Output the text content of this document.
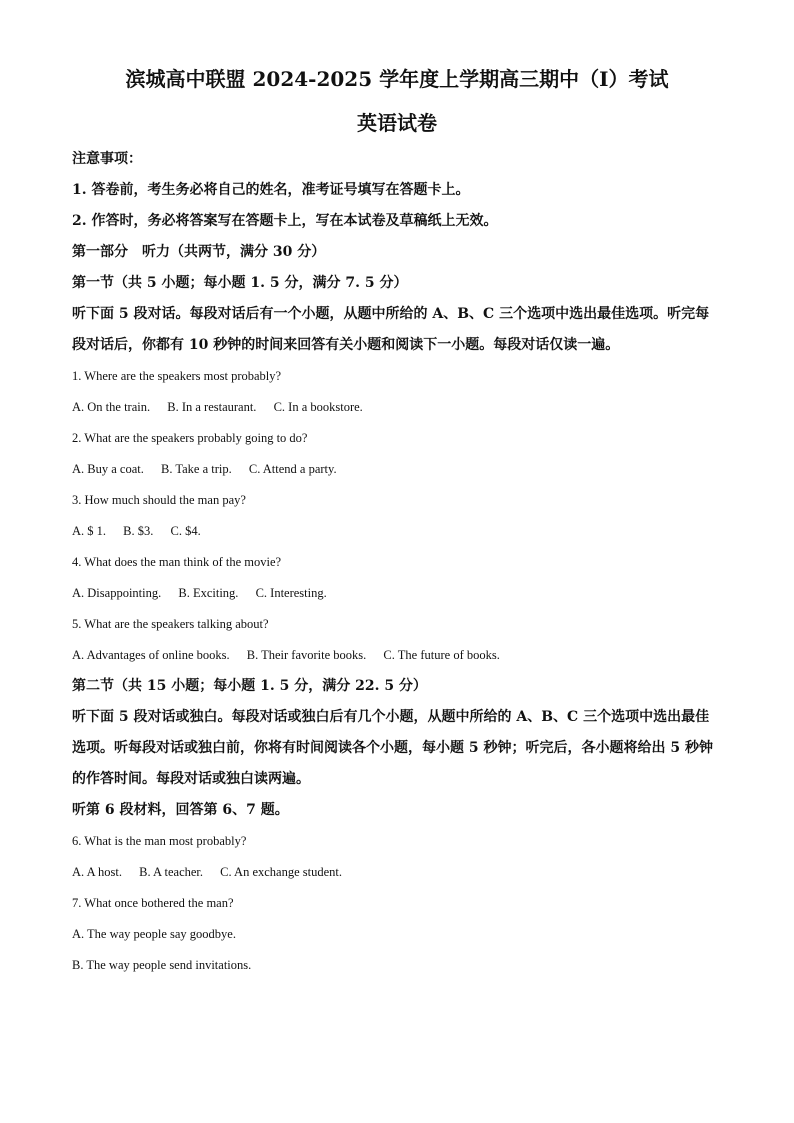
滨城高中联盟 2024-2025 学年度上学期高三期中（I）考试
英语试卷

注意事项：

1. 答卷前，考生务必将自己的姓名，准考证号填写在答题卡上。

2. 作答时，务必将答案写在答题卡上，写在本试卷及草稿纸上无效。

第一部分　听力（共两节，满分 30 分）

第一节（共 5 小题；每小题 1. 5 分，满分 7. 5 分）

听下面 5 段对话。每段对话后有一个小题，从题中所给的 A、B、C 三个选项中选出最佳选项。听完每段对话后，你都有 10 秒钟的时间来回答有关小题和阅读下一小题。每段对话仅读一遍。

1. Where are the speakers most probably?

A. On the train. B. In a restaurant. C. In a bookstore.

2. What are the speakers probably going to do?

A. Buy a coat. B. Take a trip. C. Attend a party.

3. How much should the man pay?

A. $ 1. B. $3. C. $4.

4. What does the man think of the movie?

A. Disappointing. B. Exciting. C. Interesting.

5. What are the speakers talking about?

A. Advantages of online books. B. Their favorite books. C. The future of books.

第二节（共 15 小题；每小题 1. 5 分，满分 22. 5 分）

听下面 5 段对话或独白。每段对话或独白后有几个小题，从题中所给的 A、B、C 三个选项中选出最佳选项。听每段对话或独白前，你将有时间阅读各个小题，每小题 5 秒钟；听完后，各小题将给出 5 秒钟的作答时间。每段对话或独白读两遍。

听第 6 段材料，回答第 6、7 题。

6. What is the man most probably?

A. A host. B. A teacher. C. An exchange student.

7. What once bothered the man?

A. The way people say goodbye.

B. The way people send invitations.
